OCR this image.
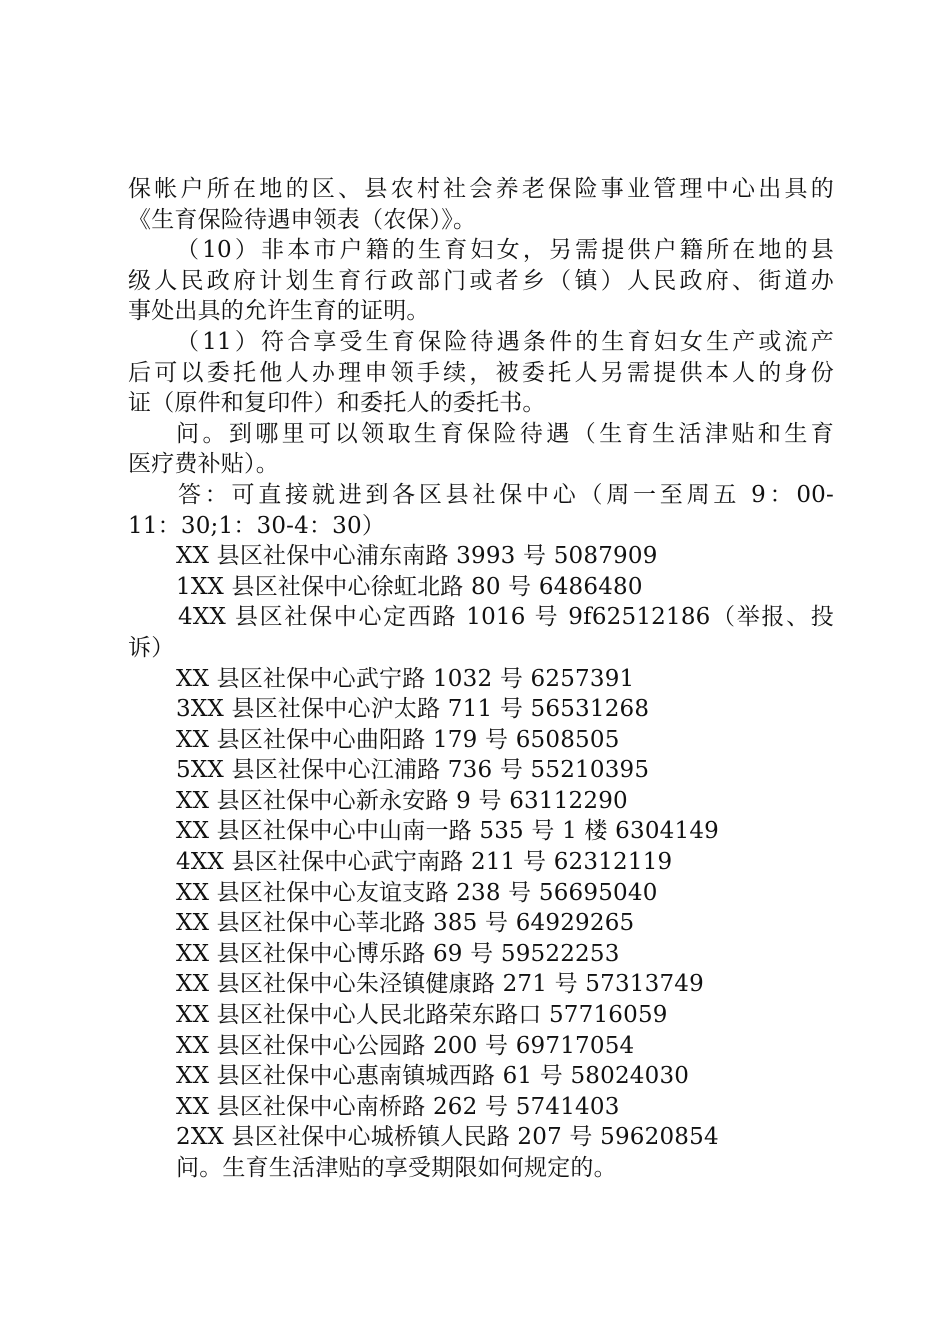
保帐户所在地的区、县农村社会养老保险事业管理中心出具的
《生育保险待遇申领表（农保）》。
（10）非本市户籍的生育妇女，另需提供户籍所在地的县
级人民政府计划生育行政部门或者乡（镇）人民政府、街道办
事处出具的允许生育的证明。
（11）符合享受生育保险待遇条件的生育妇女生产或流产
后可以委托他人办理申领手续，被委托人另需提供本人的身份
证（原件和复印件）和委托人的委托书。
问。到哪里可以领取生育保险待遇（生育生活津贴和生育
医疗费补贴）。
答：可直接就进到各区县社保中心（周一至周五 9：00-
11：30;1：30-4：30）
XX 县区社保中心浦东南路 3993 号 5087909
1XX 县区社保中心徐虹北路 80 号 6486480
4XX 县区社保中心定西路 1016 号 9f62512186（举报、投
诉）
XX 县区社保中心武宁路 1032 号 6257391
3XX 县区社保中心沪太路 711 号 56531268
XX 县区社保中心曲阳路 179 号 6508505
5XX 县区社保中心江浦路 736 号 55210395
XX 县区社保中心新永安路 9 号 63112290
XX 县区社保中心中山南一路 535 号 1 楼 6304149
4XX 县区社保中心武宁南路 211 号 62312119
XX 县区社保中心友谊支路 238 号 56695040
XX 县区社保中心莘北路 385 号 64929265
XX 县区社保中心博乐路 69 号 59522253
XX 县区社保中心朱泾镇健康路 271 号 57313749
XX 县区社保中心人民北路荣东路口 57716059
XX 县区社保中心公园路 200 号 69717054
XX 县区社保中心惠南镇城西路 61 号 58024030
XX 县区社保中心南桥路 262 号 5741403
2XX 县区社保中心城桥镇人民路 207 号 59620854
问。生育生活津贴的享受期限如何规定的。
